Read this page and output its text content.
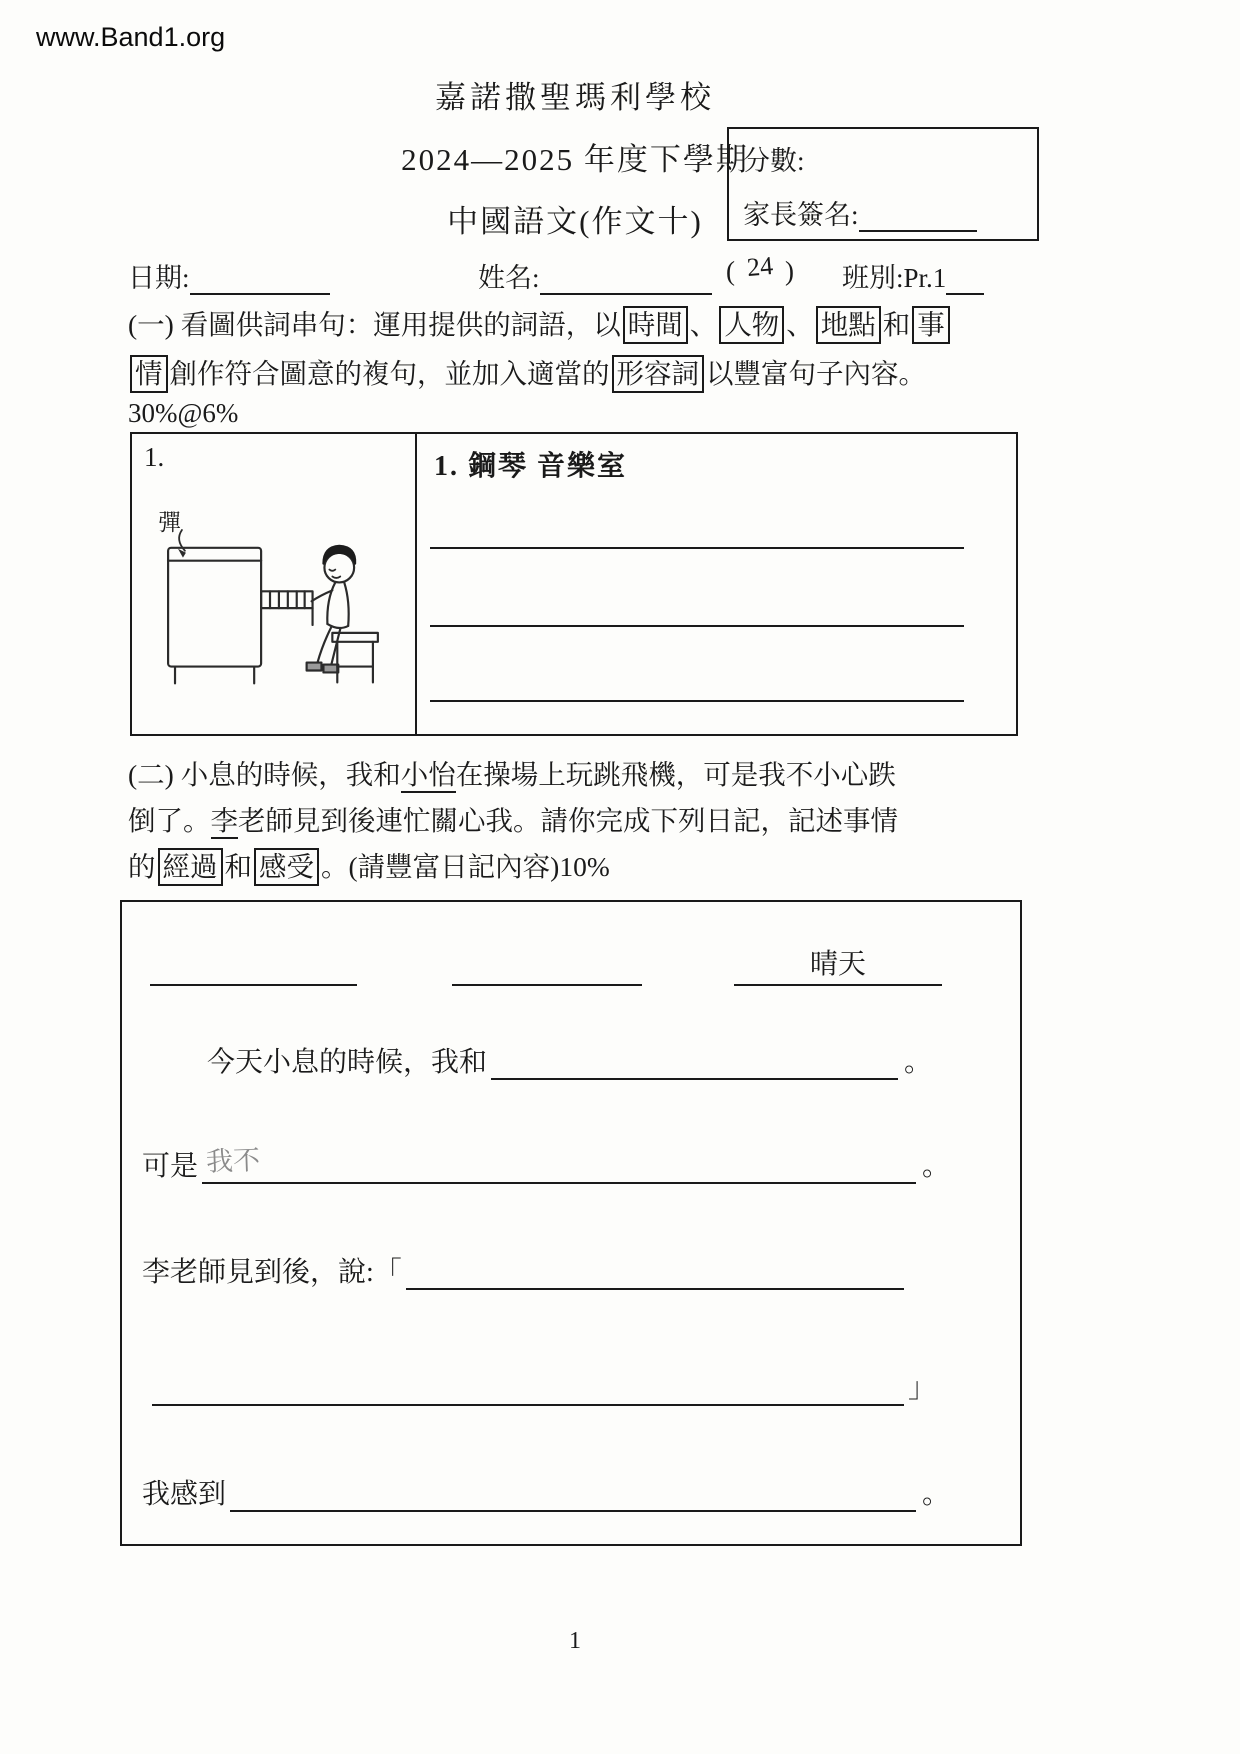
www.Band1.org
嘉諾撒聖瑪利學校
2024—2025 年度下學期
中國語文(作文十)
分數:
家長簽名:
日期:	姓名:	( 24 ) 班別:Pr.1
(一) 看圖供詞串句：運用提供的詞語，以 時間 、 人物 、 地點 和 事
情 創作符合圖意的複句，並加入適當的 形容詞 以豐富句子內容。
30%@6%
1.
彈
1. 鋼琴 音樂室
(二) 小息的時候，我和小怡在操場上玩跳飛機，可是我不小心跌
倒了。李老師見到後連忙關心我。請你完成下列日記，記述事情
的 經過 和 感受 。(請豐富日記內容)10%
晴天
今天小息的時候，我和	。
可是 我不	。
李老師見到後，說:「
」
我感到	。
1
